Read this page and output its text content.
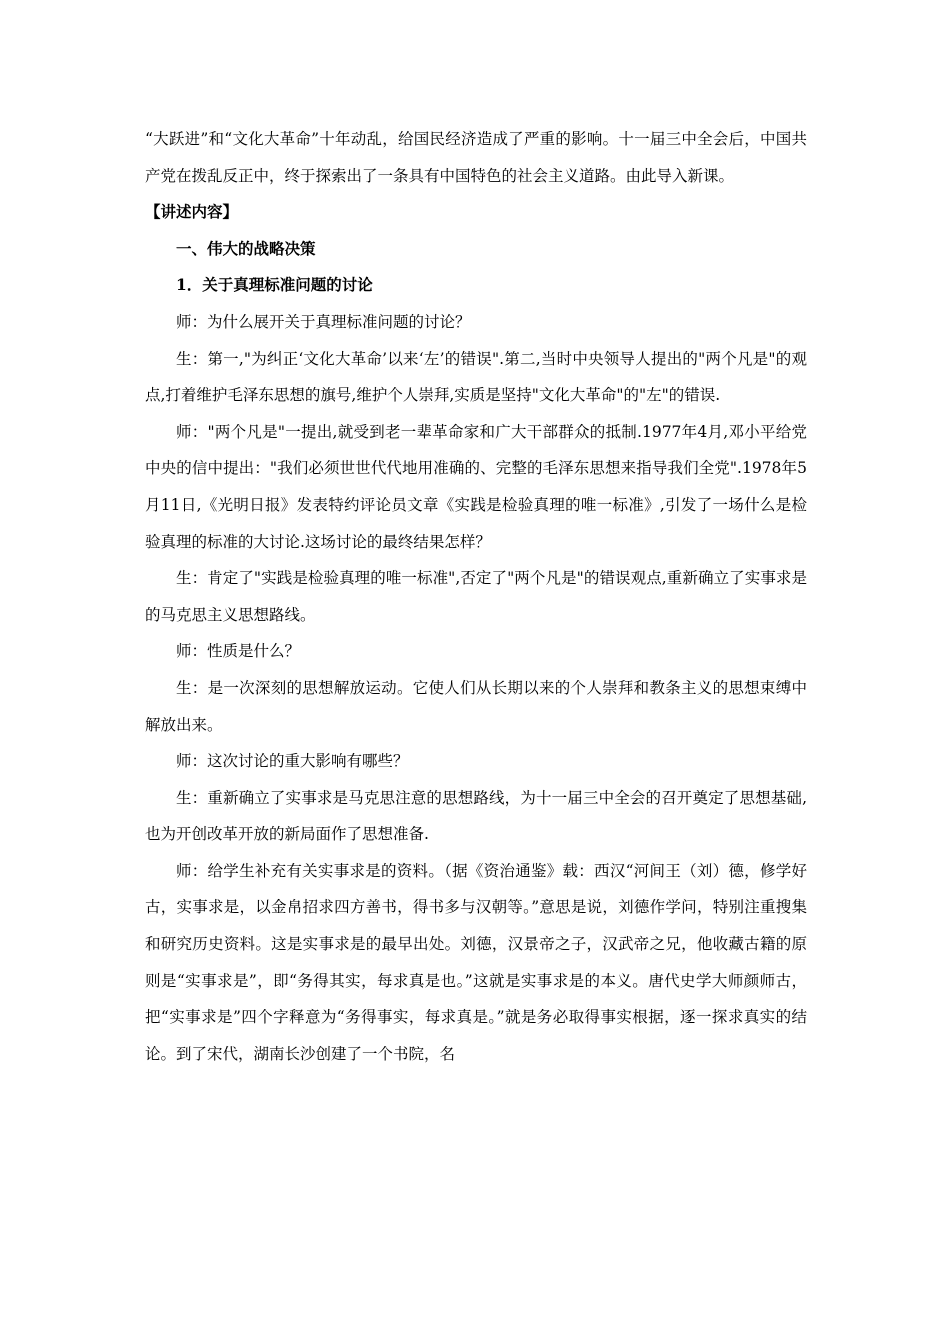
“大跃进”和“文化大革命”十年动乱，给国民经济造成了严重的影响。十一届三中全会后，中国共产党在拨乱反正中，终于探索出了一条具有中国特色的社会主义道路。由此导入新课。

【讲述内容】

一、伟大的战略决策

1．关于真理标准问题的讨论

师：为什么展开关于真理标准问题的讨论？

生：第一,"为纠正‘文化大革命’以来‘左’的错误".第二,当时中央领导人提出的"两个凡是"的观点,打着维护毛泽东思想的旗号,维护个人崇拜,实质是坚持"文化大革命"的"左"的错误.

师："两个凡是"一提出,就受到老一辈革命家和广大干部群众的抵制.1977年4月,邓小平给党中央的信中提出："我们必须世世代代地用准确的、完整的毛泽东思想来指导我们全党".1978年5月11日,《光明日报》发表特约评论员文章《实践是检验真理的唯一标准》,引发了一场什么是检验真理的标准的大讨论.这场讨论的最终结果怎样？

生：肯定了"实践是检验真理的唯一标准",否定了"两个凡是"的错误观点,重新确立了实事求是的马克思主义思想路线。

师：性质是什么？

生：是一次深刻的思想解放运动。它使人们从长期以来的个人崇拜和教条主义的思想束缚中解放出来。

师：这次讨论的重大影响有哪些？

生：重新确立了实事求是马克思注意的思想路线，为十一届三中全会的召开奠定了思想基础,也为开创改革开放的新局面作了思想准备.

师：给学生补充有关实事求是的资料。（据《资治通鉴》载：西汉“河间王（刘）德，修学好古，实事求是，以金帛招求四方善书，得书多与汉朝等。”意思是说，刘德作学问，特别注重搜集和研究历史资料。这是实事求是的最早出处。刘德，汉景帝之子，汉武帝之兄，他收藏古籍的原则是“实事求是”，即“务得其实，每求真是也。”这就是实事求是的本义。唐代史学大师颜师古，把“实事求是”四个字释意为“务得事实，每求真是。”就是务必取得事实根据，逐一探求真实的结论。到了宋代，湖南长沙创建了一个书院，名
